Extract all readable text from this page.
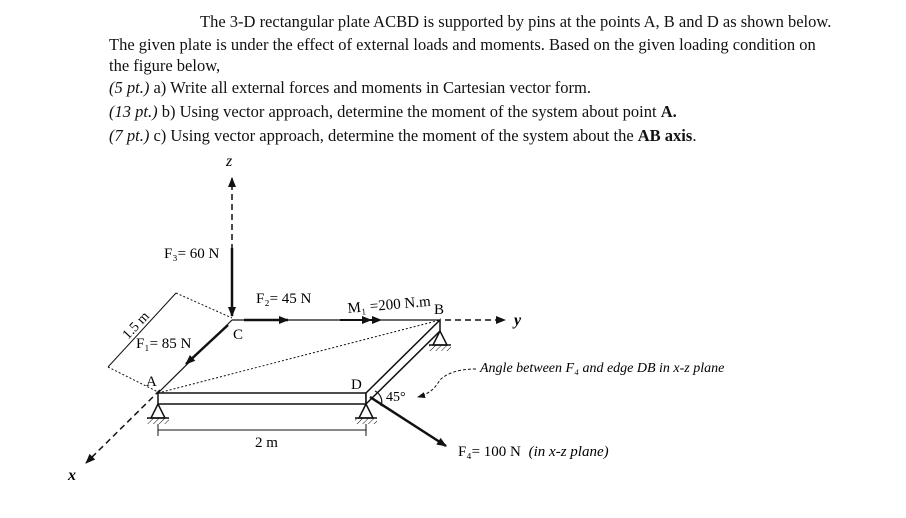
The 3-D rectangular plate ACBD is supported by pins at the points A, B and D as shown below.
The given plate is under the effect of external loads and moments. Based on the given loading condition on
the figure below,
(5 pt.) a) Write all external forces and moments in Cartesian vector form.
(13 pt.) b) Using vector approach, determine the moment of the system about point A.
(7 pt.) c) Using vector approach, determine the moment of the system about the AB axis.
z
y
x
A
B
C
D
1.5 m
2 m
F₃= 60 N
F₂= 45 N
F₁= 85 N
M₁ =200 N.m
F₄= 100 N (in x-z plane)
45°
Angle between F₄ and edge DB in x-z plane
